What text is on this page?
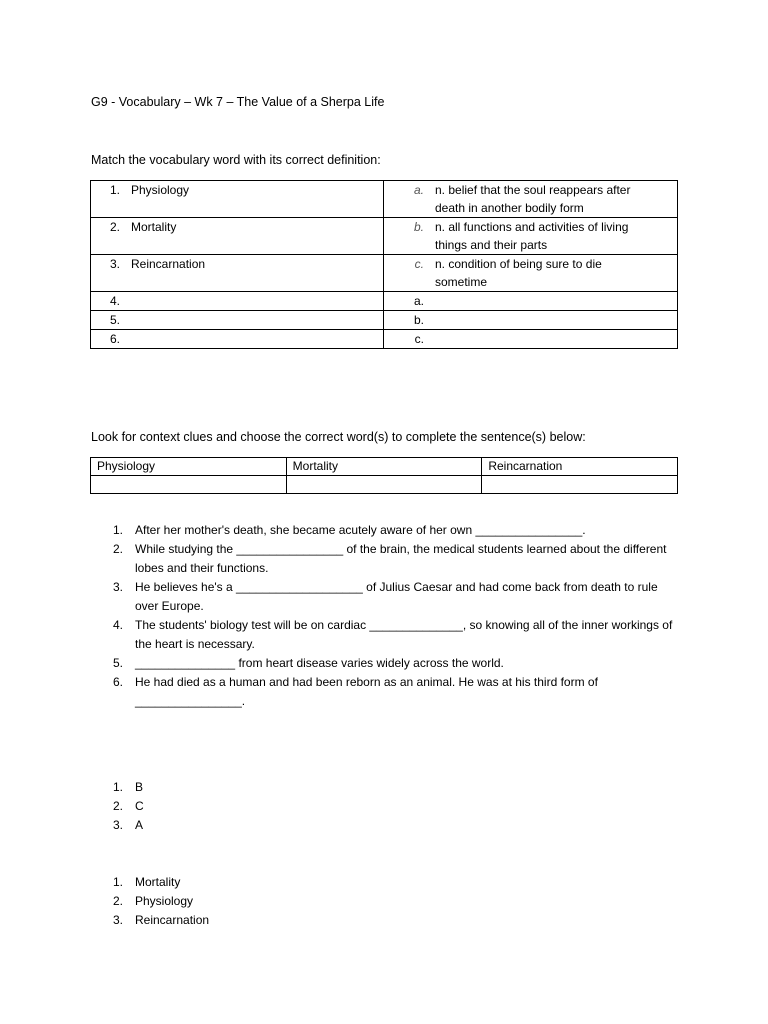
G9 - Vocabulary – Wk 7 – The Value of a Sherpa Life
Match the vocabulary word with its correct definition:
1. Physiology	a. n. belief that the soul reappears after death in another bodily form
2. Mortality	b. n. all functions and activities of living things and their parts
3. Reincarnation	c. n. condition of being sure to die sometime
4.	a.
5.	b.
6.	c.
Look for context clues and choose the correct word(s) to complete the sentence(s) below:
Physiology	Mortality	Reincarnation

1. After her mother's death, she became acutely aware of her own ________________.
2. While studying the ________________ of the brain, the medical students learned about the different lobes and their functions.
3. He believes he's a ___________________ of Julius Caesar and had come back from death to rule over Europe.
4. The students' biology test will be on cardiac ______________, so knowing all of the inner workings of the heart is necessary.
5. _______________ from heart disease varies widely across the world.
6. He had died as a human and had been reborn as an animal. He was at his third form of ________________.
1. B
2. C
3. A
1. Mortality
2. Physiology
3. Reincarnation
